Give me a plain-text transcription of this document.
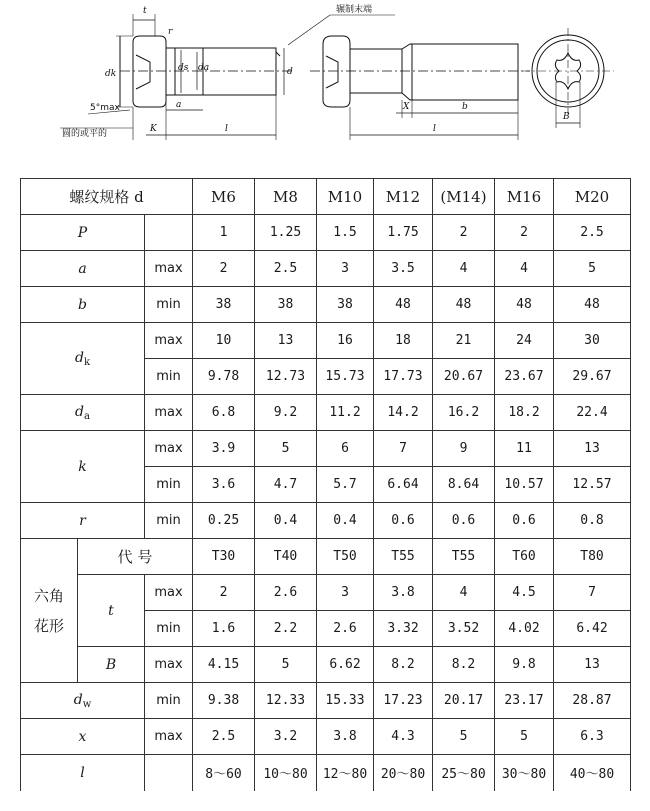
t
r
dk
ds da	d
a
K	l
5°max
圆的或平的
辗制末端
X	b
l
B
螺纹规格 d			M6	M8	M10	M12	(M14)	M16	M20
P			1	1.25	1.5	1.75	2	2	2.5
a		max	2	2.5	3	3.5	4	4	5
b		min	38	38	38	48	48	48	48
$d_k$		max	10	13	16	18	21	24	30
		min	9.78	12.73	15.73	17.73	20.67	23.67	29.67
$d_a$		max	6.8	9.2	11.2	14.2	16.2	18.2	22.4
k		max	3.9	5	6	7	9	11	13
		min	3.6	4.7	5.7	6.64	8.64	10.57	12.57
r		min	0.25	0.4	0.4	0.6	0.6	0.6	0.8

六角
花形	代 号		T30	T40	T50	T55	T55	T60	T80
	t	max	2	2.6	3	3.8	4	4.5	7
		min	1.6	2.2	2.6	3.32	3.52	4.02	6.42
	B	max	4.15	5	6.62	8.2	8.2	9.8	13
$d_w$		min	9.38	12.33	15.33	17.23	20.17	23.17	28.87
x		max	2.5	3.2	3.8	4.3	5	5	6.3
l			8～60	10～80	12～80	20～80	25～80	30～80	40～80
